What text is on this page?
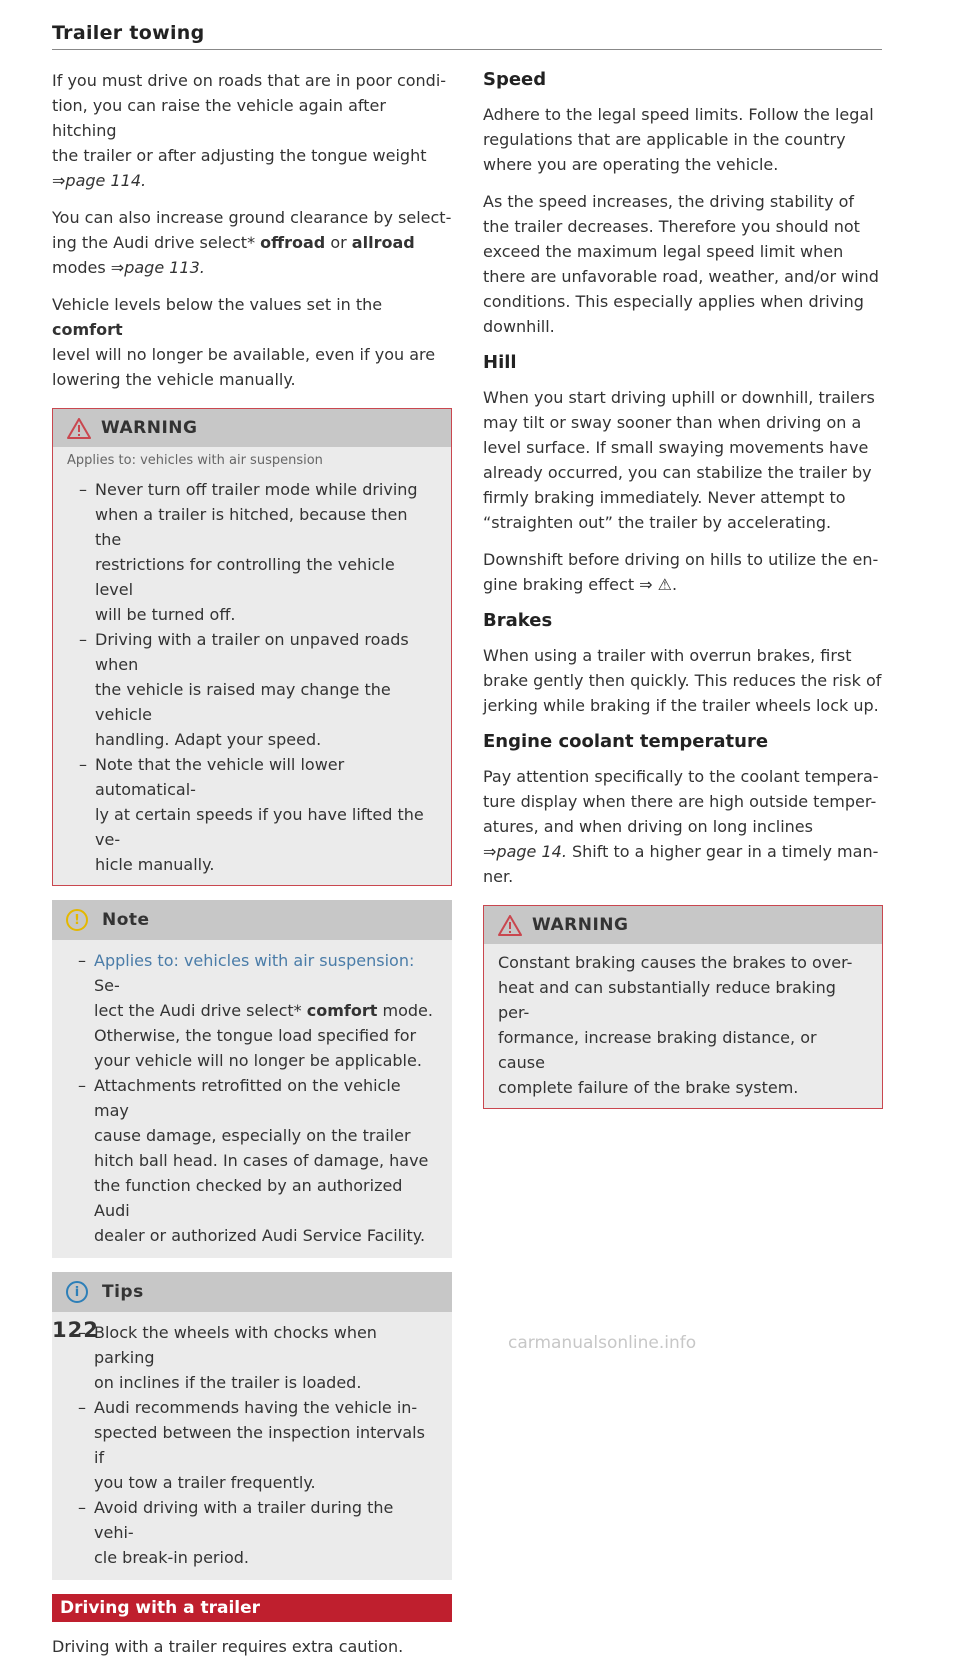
Trailer towing

If you must drive on roads that are in poor condi-
tion, you can raise the vehicle again after hitching
the trailer or after adjusting the tongue weight
⇒page 114.

You can also increase ground clearance by select-
ing the Audi drive select* offroad or allroad
modes ⇒page 113.

Vehicle levels below the values set in the comfort
level will no longer be available, even if you are
lowering the vehicle manually.

WARNING
Applies to: vehicles with air suspension
– Never turn off trailer mode while driving
when a trailer is hitched, because then the
restrictions for controlling the vehicle level
will be turned off.
– Driving with a trailer on unpaved roads when
the vehicle is raised may change the vehicle
handling. Adapt your speed.
– Note that the vehicle will lower automatical-
ly at certain speeds if you have lifted the ve-
hicle manually.
!	Note
– Applies to: vehicles with air suspension: Se-
lect the Audi drive select* comfort mode.
Otherwise, the tongue load specified for
your vehicle will no longer be applicable.
– Attachments retrofitted on the vehicle may
cause damage, especially on the trailer
hitch ball head. In cases of damage, have
the function checked by an authorized Audi
dealer or authorized Audi Service Facility.
i	Tips
– Block the wheels with chocks when parking
on inclines if the trailer is loaded.
– Audi recommends having the vehicle in-
spected between the inspection intervals if
you tow a trailer frequently.
– Avoid driving with a trailer during the vehi-
cle break-in period.
Driving with a trailer

Driving with a trailer requires extra caution.

Speed

Adhere to the legal speed limits. Follow the legal
regulations that are applicable in the country
where you are operating the vehicle.

As the speed increases, the driving stability of
the trailer decreases. Therefore you should not
exceed the maximum legal speed limit when
there are unfavorable road, weather, and/or wind
conditions. This especially applies when driving
downhill.

Hill

When you start driving uphill or downhill, trailers
may tilt or sway sooner than when driving on a
level surface. If small swaying movements have
already occurred, you can stabilize the trailer by
firmly braking immediately. Never attempt to
“straighten out” the trailer by accelerating.

Downshift before driving on hills to utilize the en-
gine braking effect ⇒ ⚠.

Brakes

When using a trailer with overrun brakes, first
brake gently then quickly. This reduces the risk of
jerking while braking if the trailer wheels lock up.

Engine coolant temperature

Pay attention specifically to the coolant tempera-
ture display when there are high outside temper-
atures, and when driving on long inclines
⇒page 14. Shift to a higher gear in a timely man-
ner.

WARNING

Constant braking causes the brakes to over-
heat and can substantially reduce braking per-
formance, increase braking distance, or cause
complete failure of the brake system.

122
carmanualsonline.info
